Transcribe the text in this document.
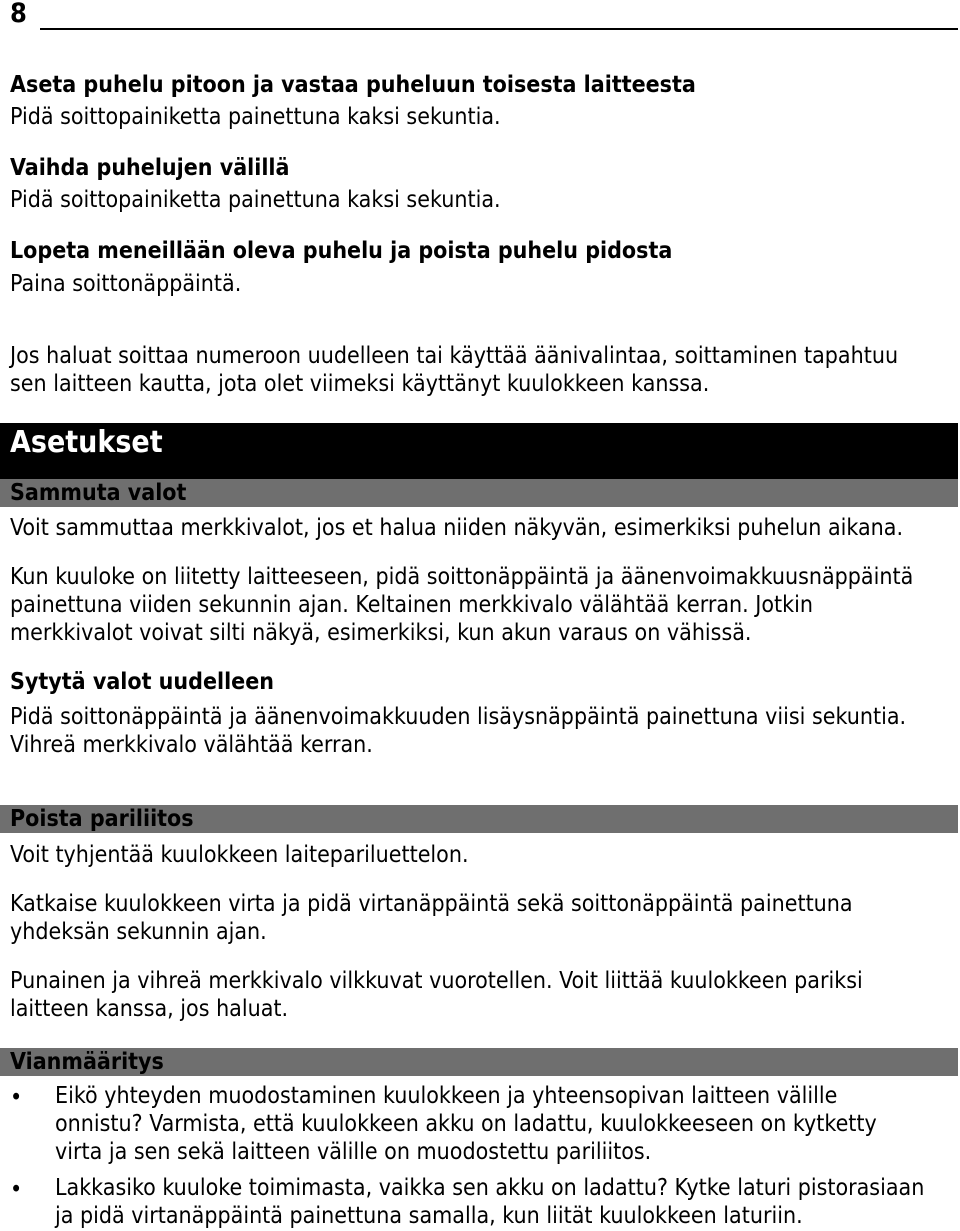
8
Aseta puhelu pitoon ja vastaa puheluun toisesta laitteesta
Pidä soittopainiketta painettuna kaksi sekuntia.
Vaihda puhelujen välillä
Pidä soittopainiketta painettuna kaksi sekuntia.
Lopeta meneillään oleva puhelu ja poista puhelu pidosta
Paina soittonäppäintä.
Jos haluat soittaa numeroon uudelleen tai käyttää äänivalintaa, soittaminen tapahtuu
sen laitteen kautta, jota olet viimeksi käyttänyt kuulokkeen kanssa.
Asetukset
Sammuta valot
Voit sammuttaa merkkivalot, jos et halua niiden näkyvän, esimerkiksi puhelun aikana.
Kun kuuloke on liitetty laitteeseen, pidä soittonäppäintä ja äänenvoimakkuusnäppäintä
painettuna viiden sekunnin ajan. Keltainen merkkivalo välähtää kerran. Jotkin
merkkivalot voivat silti näkyä, esimerkiksi, kun akun varaus on vähissä.
Sytytä valot uudelleen
Pidä soittonäppäintä ja äänenvoimakkuuden lisäysnäppäintä painettuna viisi sekuntia.
Vihreä merkkivalo välähtää kerran.
Poista pariliitos
Voit tyhjentää kuulokkeen laitepariluettelon.
Katkaise kuulokkeen virta ja pidä virtanäppäintä sekä soittonäppäintä painettuna
yhdeksän sekunnin ajan.
Punainen ja vihreä merkkivalo vilkkuvat vuorotellen. Voit liittää kuulokkeen pariksi
laitteen kanssa, jos haluat.
Vianmääritys
• Eikö yhteyden muodostaminen kuulokkeen ja yhteensopivan laitteen välille
onnistu? Varmista, että kuulokkeen akku on ladattu, kuulokkeeseen on kytketty
virta ja sen sekä laitteen välille on muodostettu pariliitos.
• Lakkasiko kuuloke toimimasta, vaikka sen akku on ladattu? Kytke laturi pistorasiaan
ja pidä virtanäppäintä painettuna samalla, kun liität kuulokkeen laturiin.
